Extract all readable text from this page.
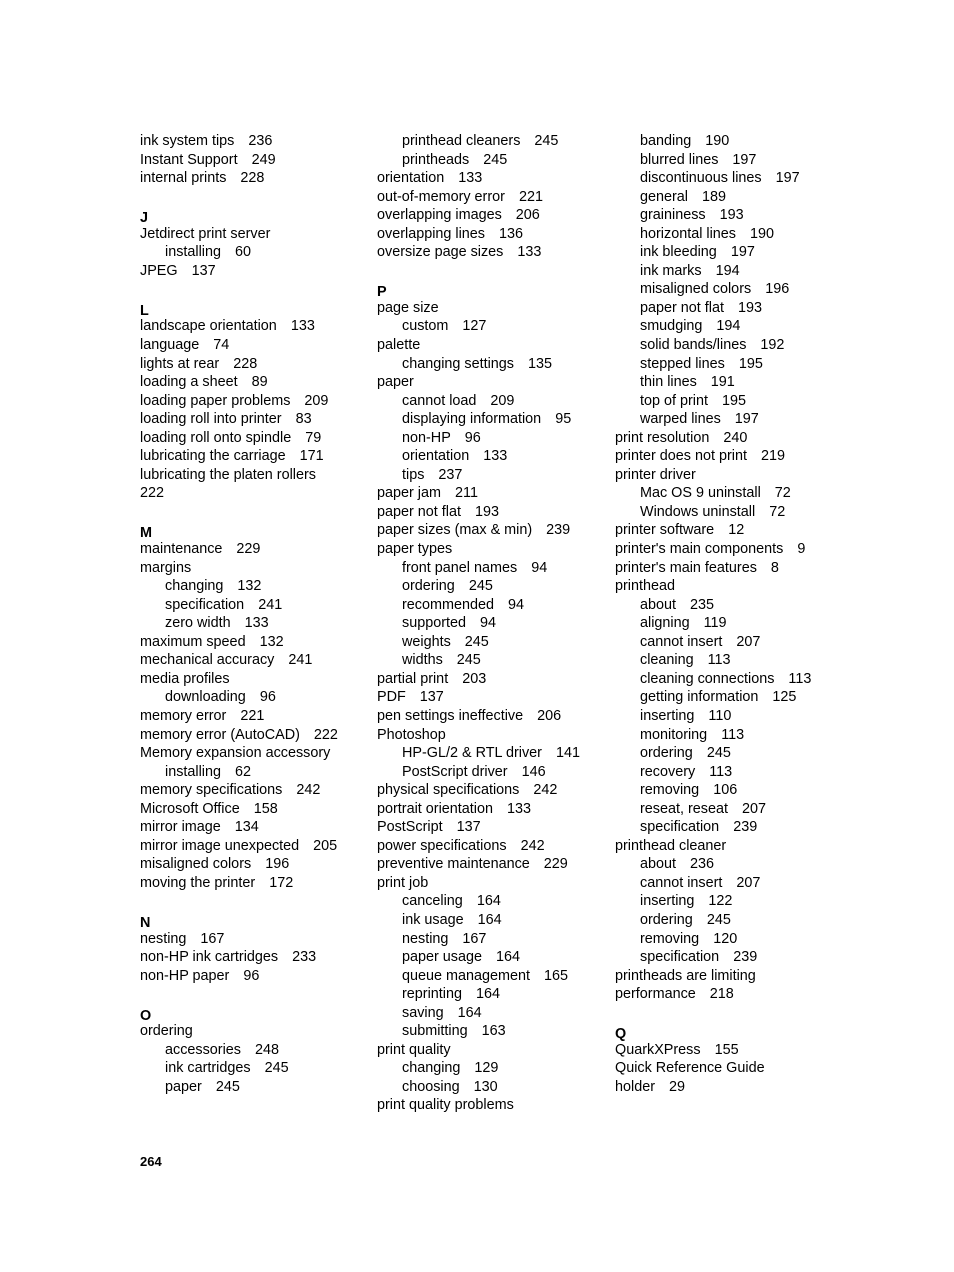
ink system tips 236
Instant Support 249
internal prints 228
J
Jetdirect print server
installing 60
JPEG 137
L
landscape orientation 133
language 74
lights at rear 228
loading a sheet 89
loading paper problems 209
loading roll into printer 83
loading roll onto spindle 79
lubricating the carriage 171
lubricating the platen rollers
222
M
maintenance 229
margins
changing 132
specification 241
zero width 133
maximum speed 132
mechanical accuracy 241
media profiles
downloading 96
memory error 221
memory error (AutoCAD) 222
Memory expansion accessory
installing 62
memory specifications 242
Microsoft Office 158
mirror image 134
mirror image unexpected 205
misaligned colors 196
moving the printer 172
N
nesting 167
non-HP ink cartridges 233
non-HP paper 96
O
ordering
accessories 248
ink cartridges 245
paper 245
printhead cleaners 245
printheads 245
orientation 133
out-of-memory error 221
overlapping images 206
overlapping lines 136
oversize page sizes 133
P
page size
custom 127
palette
changing settings 135
paper
cannot load 209
displaying information 95
non-HP 96
orientation 133
tips 237
paper jam 211
paper not flat 193
paper sizes (max & min) 239
paper types
front panel names 94
ordering 245
recommended 94
supported 94
weights 245
widths 245
partial print 203
PDF 137
pen settings ineffective 206
Photoshop
HP-GL/2 & RTL driver 141
PostScript driver 146
physical specifications 242
portrait orientation 133
PostScript 137
power specifications 242
preventive maintenance 229
print job
canceling 164
ink usage 164
nesting 167
paper usage 164
queue management 165
reprinting 164
saving 164
submitting 163
print quality
changing 129
choosing 130
print quality problems
banding 190
blurred lines 197
discontinuous lines 197
general 189
graininess 193
horizontal lines 190
ink bleeding 197
ink marks 194
misaligned colors 196
paper not flat 193
smudging 194
solid bands/lines 192
stepped lines 195
thin lines 191
top of print 195
warped lines 197
print resolution 240
printer does not print 219
printer driver
Mac OS 9 uninstall 72
Windows uninstall 72
printer software 12
printer's main components 9
printer's main features 8
printhead
about 235
aligning 119
cannot insert 207
cleaning 113
cleaning connections 113
getting information 125
inserting 110
monitoring 113
ordering 245
recovery 113
removing 106
reseat, reseat 207
specification 239
printhead cleaner
about 236
cannot insert 207
inserting 122
ordering 245
removing 120
specification 239
printheads are limiting
performance 218
Q
QuarkXPress 155
Quick Reference Guide
holder 29
264
